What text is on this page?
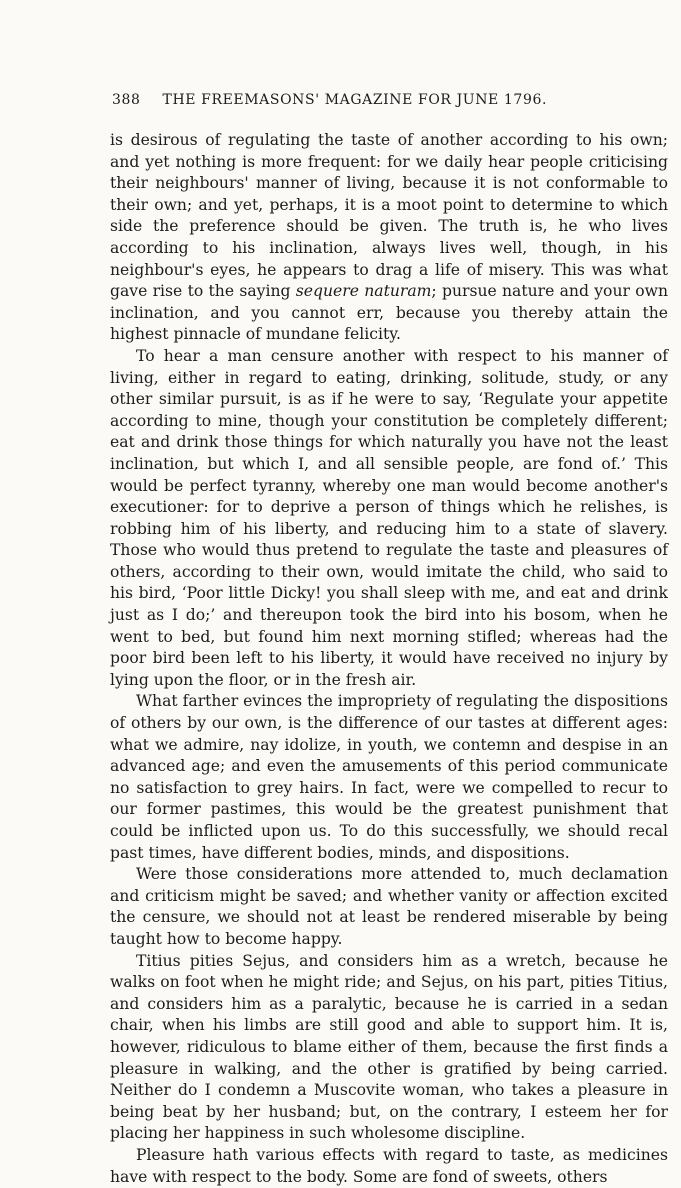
388 THE FREEMASONS' MAGAZINE FOR JUNE 1796.

is desirous of regulating the taste of another according to his own; and yet nothing is more frequent: for we daily hear people criticising their neighbours' manner of living, because it is not conformable to their own; and yet, perhaps, it is a moot point to determine to which side the preference should be given. The truth is, he who lives according to his inclination, always lives well, though, in his neighbour's eyes, he appears to drag a life of misery. This was what gave rise to the saying sequere naturam; pursue nature and your own inclination, and you cannot err, because you thereby attain the highest pinnacle of mundane felicity.

To hear a man censure another with respect to his manner of living, either in regard to eating, drinking, solitude, study, or any other similar pursuit, is as if he were to say, ‘Regulate your appetite according to mine, though your constitution be completely different; eat and drink those things for which naturally you have not the least inclination, but which I, and all sensible people, are fond of.’ This would be perfect tyranny, whereby one man would become another's executioner: for to deprive a person of things which he relishes, is robbing him of his liberty, and reducing him to a state of slavery. Those who would thus pretend to regulate the taste and pleasures of others, according to their own, would imitate the child, who said to his bird, ‘Poor little Dicky! you shall sleep with me, and eat and drink just as I do;’ and thereupon took the bird into his bosom, when he went to bed, but found him next morning stifled; whereas had the poor bird been left to his liberty, it would have received no injury by lying upon the floor, or in the fresh air.

What farther evinces the impropriety of regulating the dispositions of others by our own, is the difference of our tastes at different ages: what we admire, nay idolize, in youth, we contemn and despise in an advanced age; and even the amusements of this period communicate no satisfaction to grey hairs. In fact, were we compelled to recur to our former pastimes, this would be the greatest punishment that could be inflicted upon us. To do this successfully, we should recal past times, have different bodies, minds, and dispositions.

Were those considerations more attended to, much declamation and criticism might be saved; and whether vanity or affection excited the censure, we should not at least be rendered miserable by being taught how to become happy.

Titius pities Sejus, and considers him as a wretch, because he walks on foot when he might ride; and Sejus, on his part, pities Titius, and considers him as a paralytic, because he is carried in a sedan chair, when his limbs are still good and able to support him. It is, however, ridiculous to blame either of them, because the first finds a pleasure in walking, and the other is gratified by being carried. Neither do I condemn a Muscovite woman, who takes a pleasure in being beat by her husband; but, on the contrary, I esteem her for placing her happiness in such wholesome discipline.

Pleasure hath various effects with regard to taste, as medicines have with respect to the body. Some are fond of sweets, others
